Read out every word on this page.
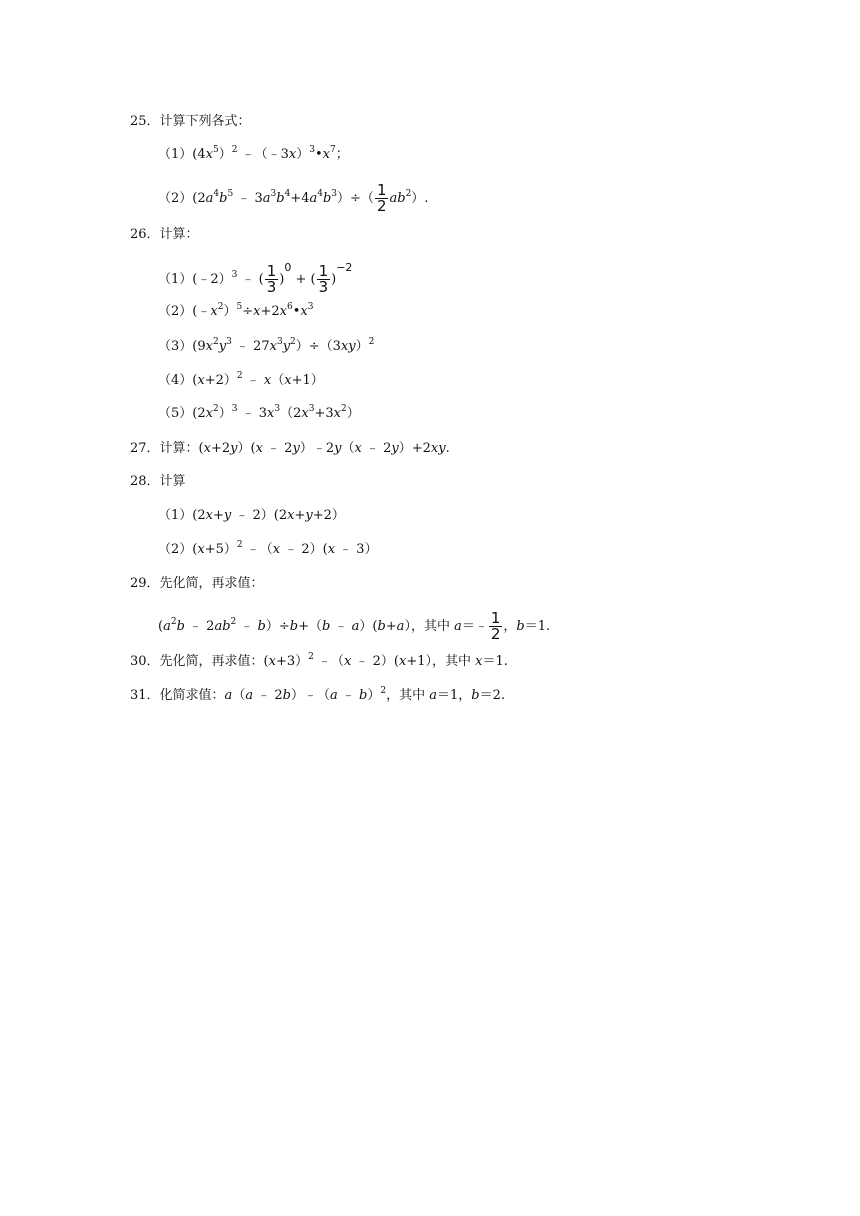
25．计算下列各式：
$(1)(4x^5)^2$ $﹣(﹣3x)^3•x^7$；
$(2)(2a^4b^5$ ﹣ $3a^3b^4+4a^4b^3)\div( \frac{1}{2} ab^2)$.
26．计算：
（1）(﹣2）$^3$ ﹣ ( $\frac{1}{3} )^0$ + ( $\frac{1}{3} )^{-2}$
$(2)(﹣x^2)^5\div x+2x^6•x^3$
$(3)(9x^2y^3$ ﹣ $27x^3y^2)\div(3xy)^2$
（4）(x+2）$^2$ ﹣ x（x+1）
$(5)(2x^2)^3$ ﹣ $3x^3(2x^3+3x^2)$
27．计算：(x+2y）(x ﹣ 2y）﹣2y（x ﹣ 2y）+2xy.
28．计算
（1）(2x+y ﹣ 2）(2x+y+2）
（2）(x+5）$^2$ ﹣（x ﹣ 2）(x ﹣ 3）
29．先化简，再求值：
($a^2b$ ﹣ $2ab^2$ ﹣ b）÷b+（b ﹣ a）(b+a），其中 a＝﹣ $\frac{1}{2}$ ，b＝1.
30．先化简，再求值：(x+3）$^2$ ﹣（x ﹣ 2）(x+1），其中 x＝1.
31．化简求值：a（a ﹣ 2b）﹣（a ﹣ b）$^2$，其中 a＝1，b＝2.
